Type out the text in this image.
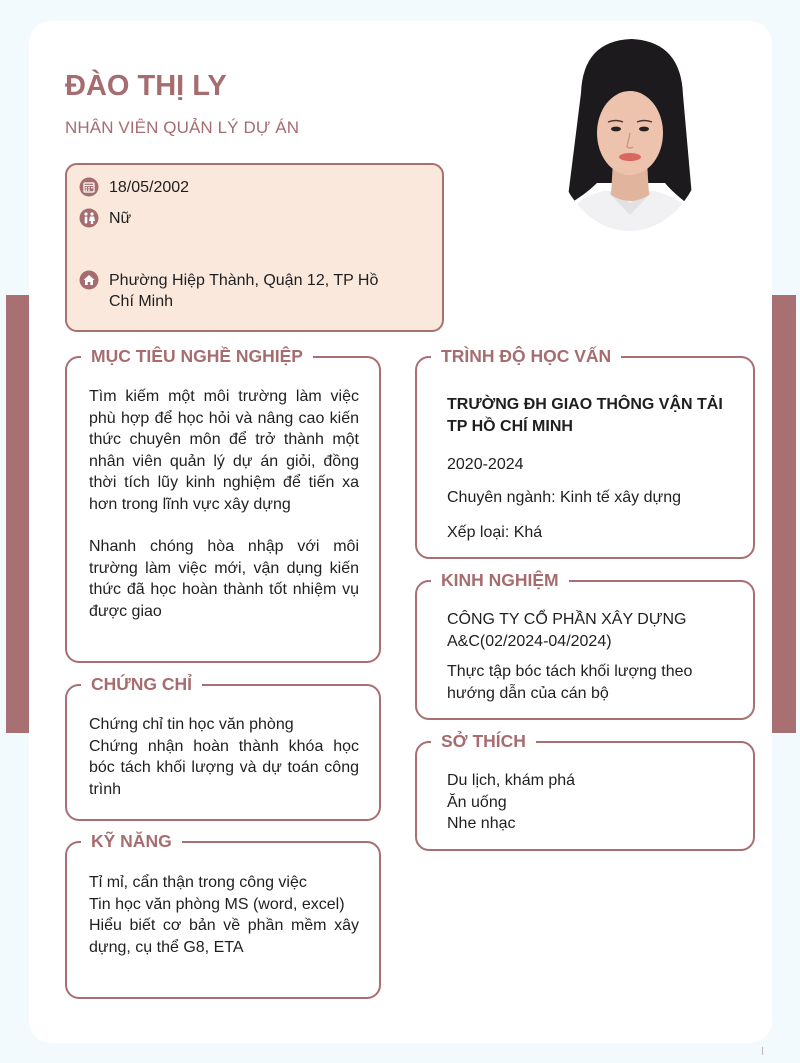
ĐÀO THỊ LY
NHÂN VIÊN QUẢN LÝ DỰ ÁN
18/05/2002
Nữ
Phường Hiệp Thành, Quận 12, TP Hồ Chí Minh
MỤC TIÊU NGHỀ NGHIỆP
Tìm kiếm một môi trường làm việc phù hợp để học hỏi và nâng cao kiến thức chuyên môn để trở thành một nhân viên quản lý dự án giỏi, đồng thời tích lũy kinh nghiệm để tiến xa hơn trong lĩnh vực xây dựng
Nhanh chóng hòa nhập với môi trường làm việc mới, vận dụng kiến thức đã học hoàn thành tốt nhiệm vụ được giao
CHỨNG CHỈ
Chứng chỉ tin học văn phòng
Chứng nhận hoàn thành khóa học bóc tách khối lượng và dự toán công trình
KỸ NĂNG
Tỉ mỉ, cẩn thận trong công việc
Tin học văn phòng MS (word, excel)
Hiểu biết cơ bản về phần mềm xây dựng, cụ thể G8, ETA
TRÌNH ĐỘ HỌC VẤN
TRƯỜNG ĐH GIAO THÔNG VẬN TẢI TP HỒ CHÍ MINH
2020-2024
Chuyên ngành: Kinh tế xây dựng
Xếp loại: Khá
KINH NGHIỆM
CÔNG TY CỔ PHẦN XÂY DỰNG A&C(02/2024-04/2024)
Thực tập bóc tách khối lượng theo hướng dẫn của cán bộ
SỞ THÍCH
Du lịch, khám phá
Ăn uống
Nhe nhạc
